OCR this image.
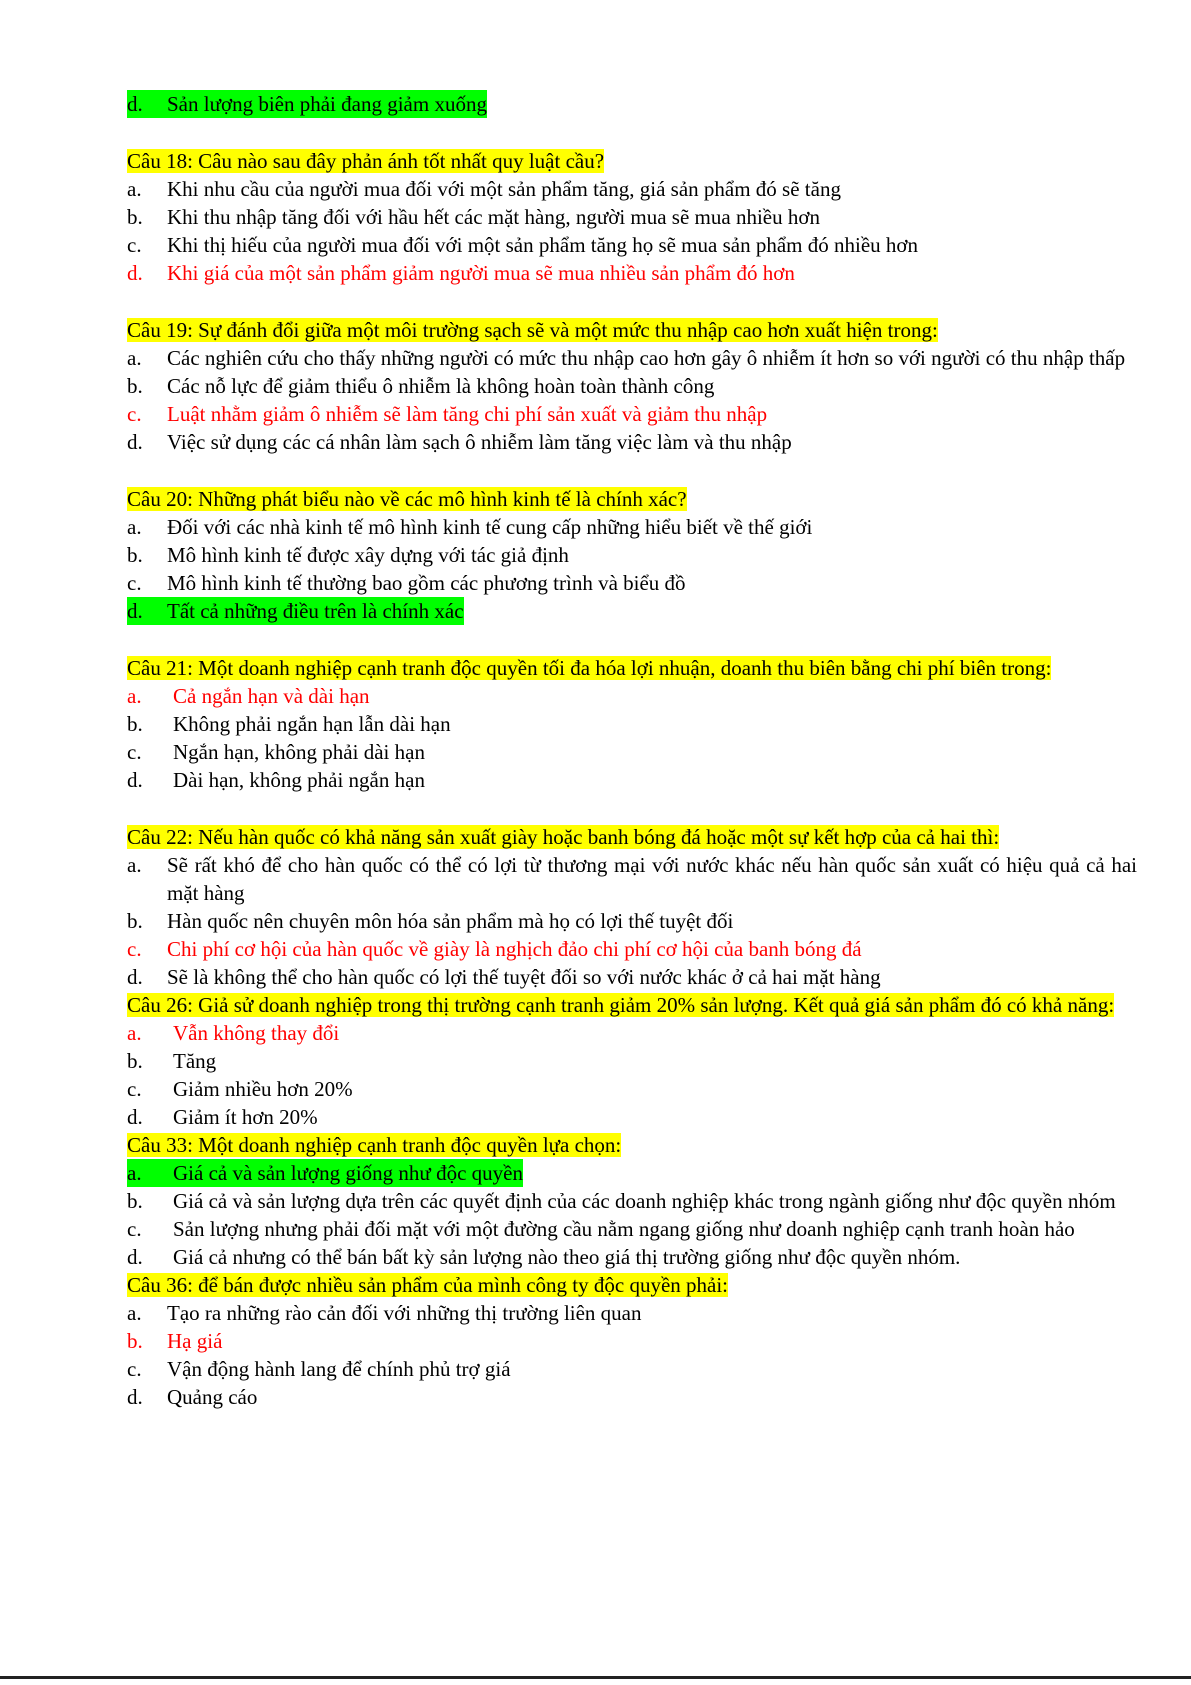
d. Sản lượng biên phải đang giảm xuống
Câu 18: Câu nào sau đây phản ánh tốt nhất quy luật cầu?
a. Khi nhu cầu của người mua đối với một sản phẩm tăng, giá sản phẩm đó sẽ tăng
b. Khi thu nhập tăng đối với hầu hết các mặt hàng, người mua sẽ mua nhiều hơn
c. Khi thị hiếu của người mua đối với một sản phẩm tăng họ sẽ mua sản phẩm đó nhiều hơn
d. Khi giá của một sản phẩm giảm người mua sẽ mua nhiều sản phẩm đó hơn
Câu 19: Sự đánh đổi giữa một môi trường sạch sẽ và một mức thu nhập cao hơn xuất hiện trong:
a. Các nghiên cứu cho thấy những người có mức thu nhập cao hơn gây ô nhiễm ít hơn so với người có thu nhập thấp
b. Các nỗ lực để giảm thiểu ô nhiễm là không hoàn toàn thành công
c. Luật nhằm giảm ô nhiễm sẽ làm tăng chi phí sản xuất và giảm thu nhập
d. Việc sử dụng các cá nhân làm sạch ô nhiễm làm tăng việc làm và thu nhập
Câu 20: Những phát biểu nào về các mô hình kinh tế là chính xác?
a. Đối với các nhà kinh tế mô hình kinh tế cung cấp những hiểu biết về thế giới
b. Mô hình kinh tế được xây dựng với tác giả định
c. Mô hình kinh tế thường bao gồm các phương trình và biểu đồ
d. Tất cả những điều trên là chính xác
Câu 21: Một doanh nghiệp cạnh tranh độc quyền tối đa hóa lợi nhuận, doanh thu biên bằng chi phí biên trong:
a. Cả ngắn hạn và dài hạn
b. Không phải ngắn hạn lẫn dài hạn
c. Ngắn hạn, không phải dài hạn
d. Dài hạn, không phải ngắn hạn
Câu 22: Nếu hàn quốc có khả năng sản xuất giày hoặc banh bóng đá hoặc một sự kết hợp của cả hai thì:
a. Sẽ rất khó để cho hàn quốc có thể có lợi từ thương mại với nước khác nếu hàn quốc sản xuất có hiệu quả cả hai mặt hàng
b. Hàn quốc nên chuyên môn hóa sản phẩm mà họ có lợi thế tuyệt đối
c. Chi phí cơ hội của hàn quốc về giày là nghịch đảo chi phí cơ hội của banh bóng đá
d. Sẽ là không thể cho hàn quốc có lợi thế tuyệt đối so với nước khác ở cả hai mặt hàng
Câu 26: Giả sử doanh nghiệp trong thị trường cạnh tranh giảm 20% sản lượng. Kết quả giá sản phẩm đó có khả năng:
a. Vẫn không thay đổi
b. Tăng
c. Giảm nhiều hơn 20%
d. Giảm ít hơn 20%
Câu 33: Một doanh nghiệp cạnh tranh độc quyền lựa chọn:
a. Giá cả và sản lượng giống như độc quyền
b. Giá cả và sản lượng dựa trên các quyết định của các doanh nghiệp khác trong ngành giống như độc quyền nhóm
c. Sản lượng nhưng phải đối mặt với một đường cầu nằm ngang giống như doanh nghiệp cạnh tranh hoàn hảo
d. Giá cả nhưng có thể bán bất kỳ sản lượng nào theo giá thị trường giống như độc quyền nhóm.
Câu 36: để bán được nhiều sản phẩm của mình công ty độc quyền phải:
a. Tạo ra những rào cản đối với những thị trường liên quan
b. Hạ giá
c. Vận động hành lang để chính phủ trợ giá
d. Quảng cáo
